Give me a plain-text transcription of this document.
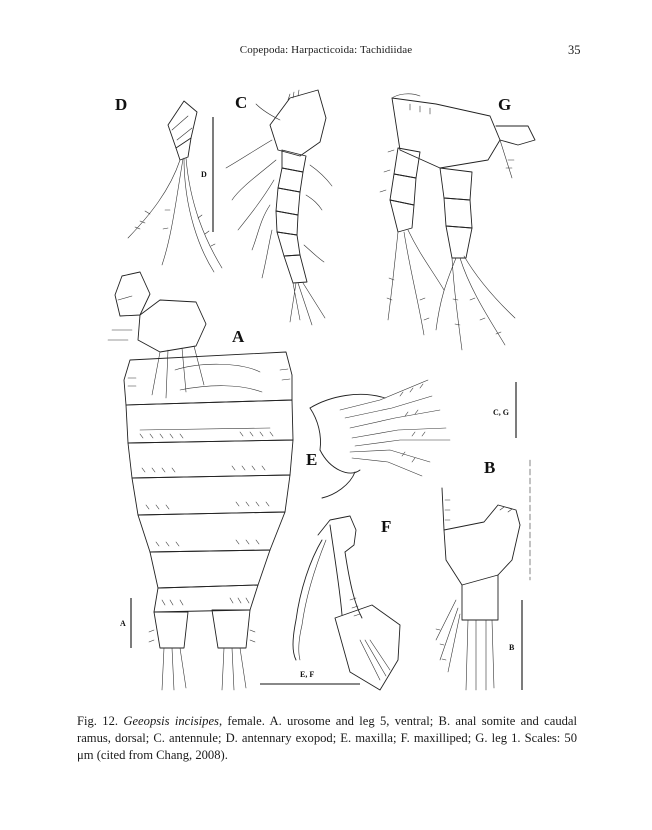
Copepoda: Harpacticoida: Tachidiidae	35
D
D
C	G
A
A
E
C, G
F
E, F
B
B
Fig. 12. Geeopsis incisipes, female. A. urosome and leg 5, ventral; B. anal somite and caudal ramus, dorsal; C. antennule; D. antennary exopod; E. maxilla; F. maxilliped; G. leg 1. Scales: 50 μm (cited from Chang, 2008).
